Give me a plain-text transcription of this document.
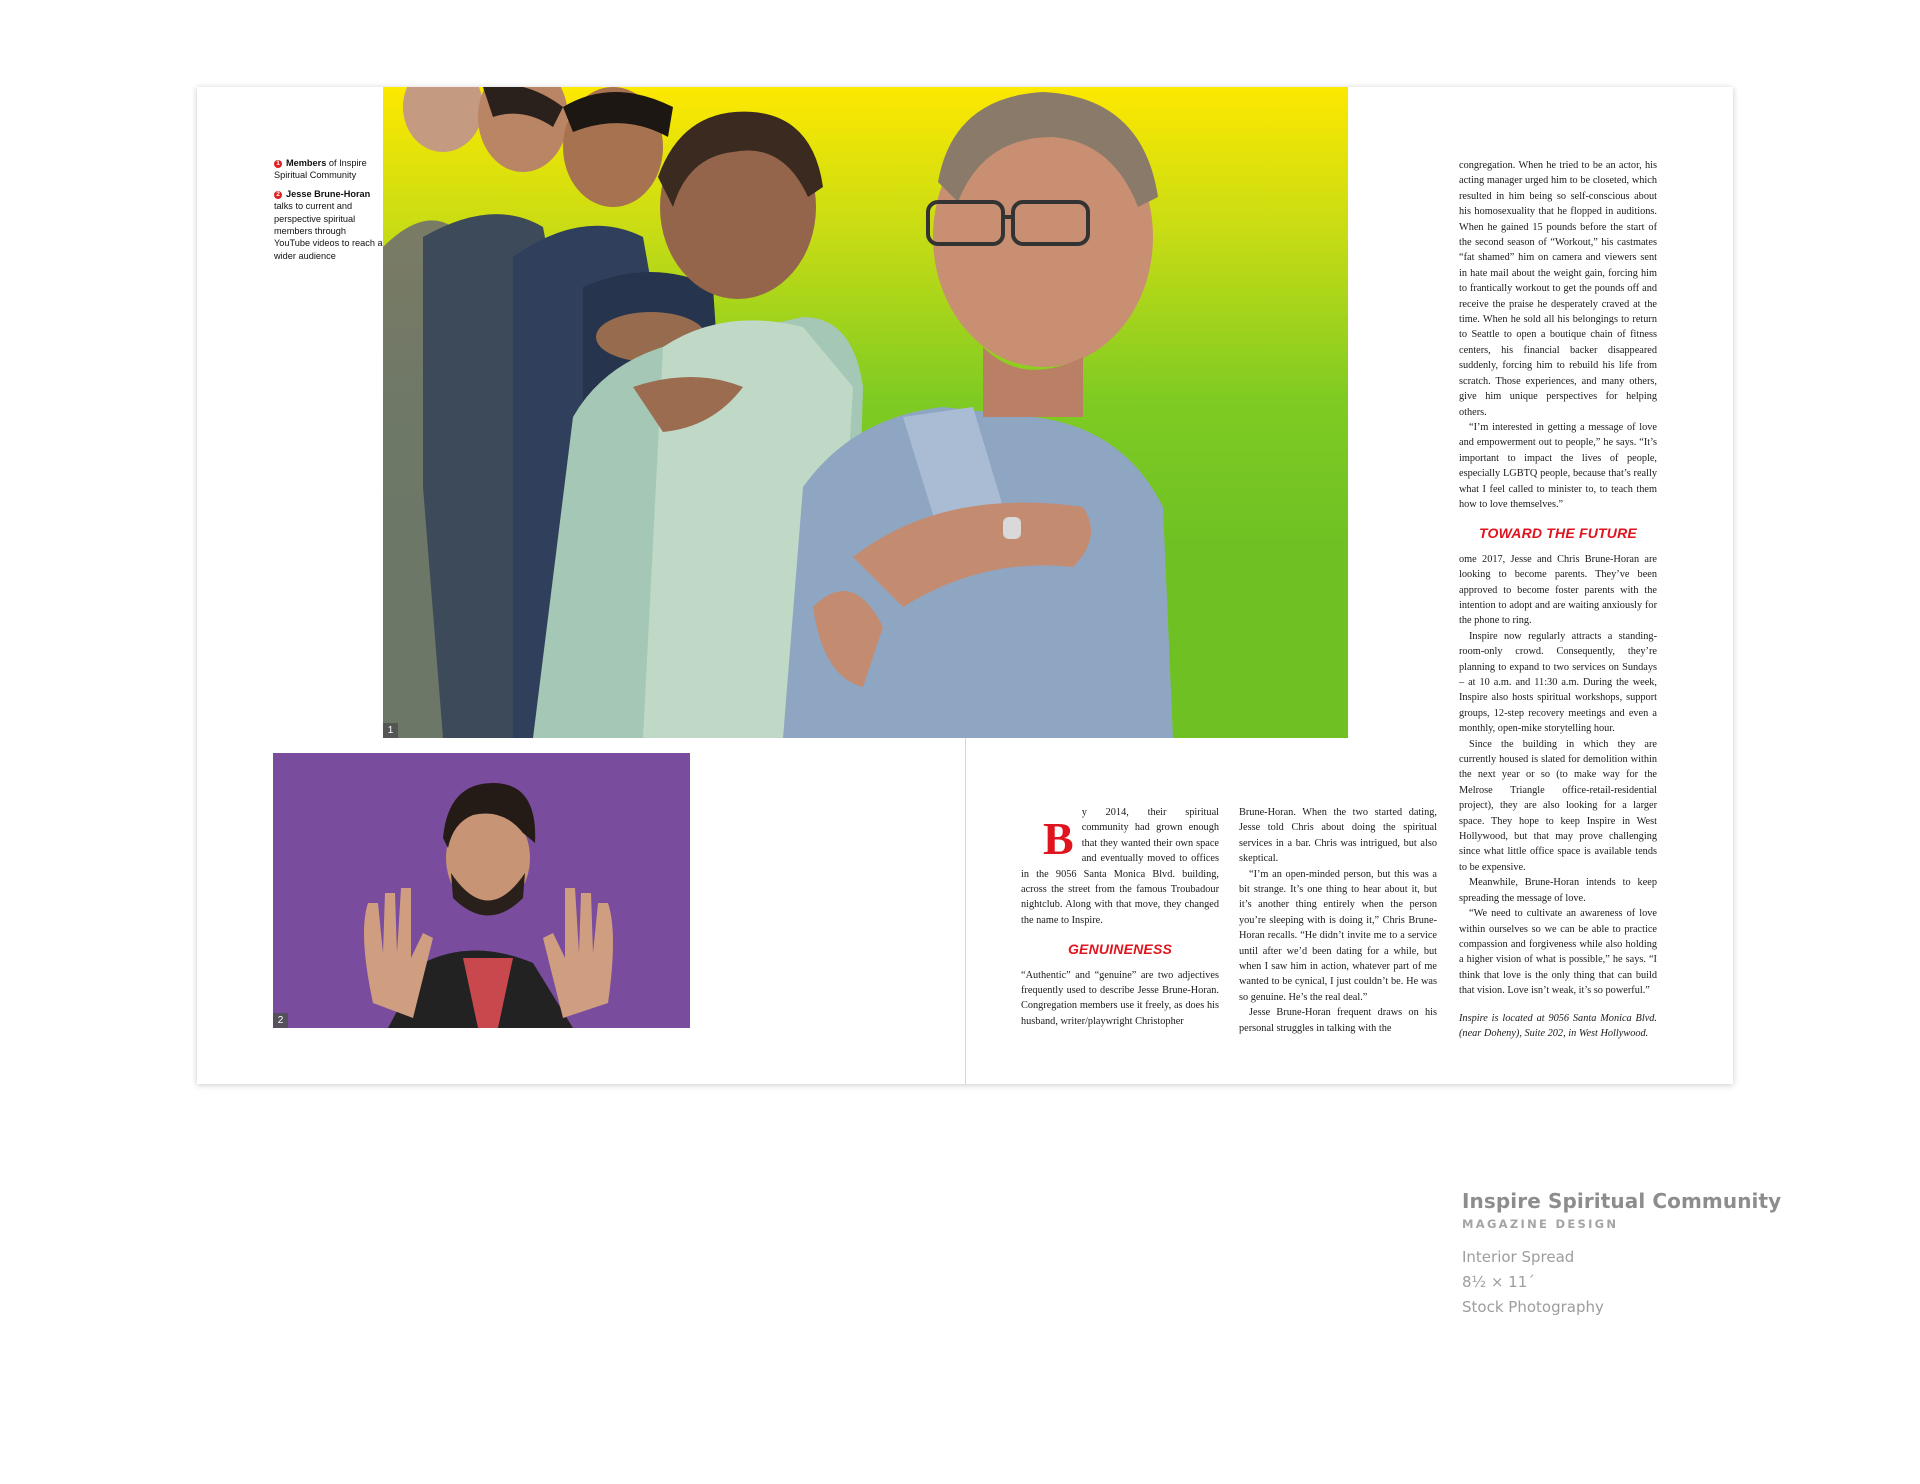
1 Members of Inspire Spiritual Community

2 Jesse Brune-Horan talks to current and perspective spiritual members through YouTube videos to reach a wider audience

1
2
B

y 2014, their spiritual community had grown enough that they wanted their own space and eventually moved to offices in the 9056 Santa Monica Blvd. building, across the street from the famous Troubadour nightclub. Along with that move, they changed the name to Inspire.

GENUINENESS

“Authentic” and “genuine” are two adjectives frequently used to describe Jesse Brune-Horan. Congregation members use it freely, as does his husband, writer/playwright Christopher

Brune-Horan. When the two started dating, Jesse told Chris about doing the spiritual services in a bar. Chris was intrigued, but also skeptical.

“I’m an open-minded person, but this was a bit strange. It’s one thing to hear about it, but it’s another thing entirely when the person you’re sleeping with is doing it,” Chris Brune-Horan recalls. “He didn’t invite me to a service until after we’d been dating for a while, but when I saw him in action, whatever part of me wanted to be cynical, I just couldn’t be. He was so genuine. He’s the real deal.”

Jesse Brune-Horan frequent draws on his personal struggles in talking with the

congregation. When he tried to be an actor, his acting manager urged him to be closeted, which resulted in him being so self-conscious about his homosexuality that he flopped in auditions. When he gained 15 pounds before the start of the second season of “Workout,” his castmates “fat shamed” him on camera and viewers sent in hate mail about the weight gain, forcing him to frantically workout to get the pounds off and receive the praise he desperately craved at the time. When he sold all his belongings to return to Seattle to open a boutique chain of fitness centers, his financial backer disappeared suddenly, forcing him to rebuild his life from scratch. Those experiences, and many others, give him unique perspectives for helping others.

“I’m interested in getting a message of love and empowerment out to people,” he says. “It’s important to impact the lives of people, especially LGBTQ people, because that’s really what I feel called to minister to, to teach them how to love themselves.”

TOWARD THE FUTURE

ome 2017, Jesse and Chris Brune-Horan are looking to become parents. They’ve been approved to become foster parents with the intention to adopt and are waiting anxiously for the phone to ring.

Inspire now regularly attracts a standing-room-only crowd. Consequently, they’re planning to expand to two services on Sundays – at 10 a.m. and 11:30 a.m. During the week, Inspire also hosts spiritual workshops, support groups, 12-step recovery meetings and even a monthly, open-mike storytelling hour.

Since the building in which they are currently housed is slated for demolition within the next year or so (to make way for the Melrose Triangle office-retail-residential project), they are also looking for a larger space. They hope to keep Inspire in West Hollywood, but that may prove challenging since what little office space is available tends to be expensive.

Meanwhile, Brune-Horan intends to keep spreading the message of love.

“We need to cultivate an awareness of love within ourselves so we can be able to practice compassion and forgiveness while also holding a higher vision of what is possible,” he says. “I think that love is the only thing that can build that vision. Love isn’t weak, it’s so powerful.”

Inspire is located at 9056 Santa Monica Blvd. (near Doheny), Suite 202, in West Hollywood.

Inspire Spiritual Community
MAGAZINE DESIGN
Interior Spread
8½ × 11´
Stock Photography
